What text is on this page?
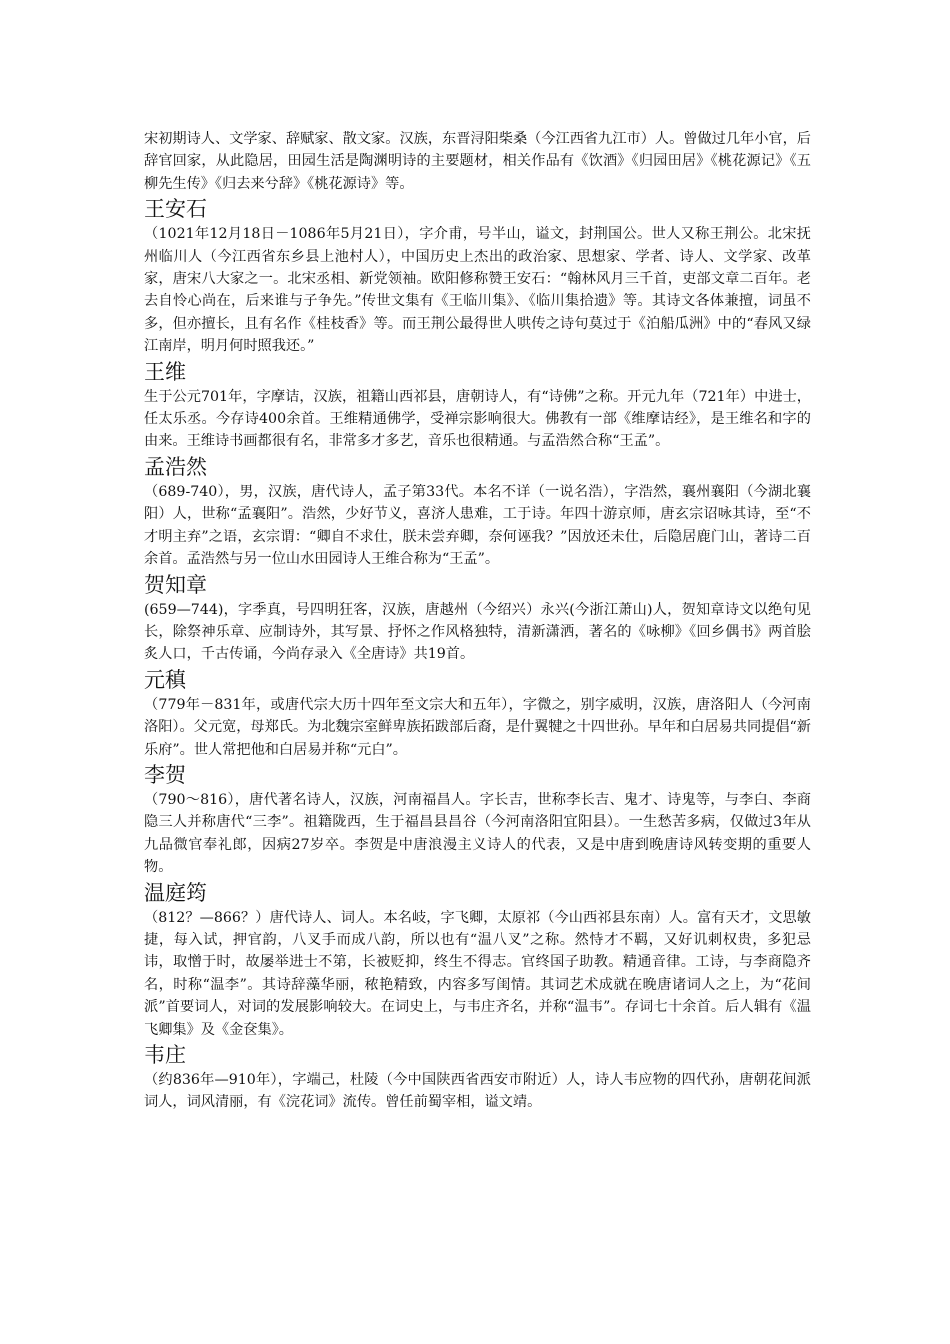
宋初期诗人、文学家、辞赋家、散文家。汉族，东晋浔阳柴桑（今江西省九江市）人。曾做过几年小官，后辞官回家，从此隐居，田园生活是陶渊明诗的主要题材，相关作品有《饮酒》《归园田居》《桃花源记》《五柳先生传》《归去来兮辞》《桃花源诗》等。

王安石

（1021年12月18日－1086年5月21日），字介甫，号半山，谥文，封荆国公。世人又称王荆公。北宋抚州临川人（今江西省东乡县上池村人），中国历史上杰出的政治家、思想家、学者、诗人、文学家、改革家，唐宋八大家之一。北宋丞相、新党领袖。欧阳修称赞王安石：“翰林风月三千首，吏部文章二百年。老去自怜心尚在，后来谁与子争先。”传世文集有《王临川集》、《临川集拾遗》等。其诗文各体兼擅，词虽不多，但亦擅长，且有名作《桂枝香》等。而王荆公最得世人哄传之诗句莫过于《泊船瓜洲》中的“春风又绿江南岸，明月何时照我还。”

王维

生于公元701年，字摩诘，汉族，祖籍山西祁县，唐朝诗人，有“诗佛”之称。开元九年（721年）中进士，任太乐丞。今存诗400余首。王维精通佛学，受禅宗影响很大。佛教有一部《维摩诘经》，是王维名和字的由来。王维诗书画都很有名，非常多才多艺，音乐也很精通。与孟浩然合称“王孟”。

孟浩然

（689-740），男，汉族，唐代诗人，孟子第33代。本名不详（一说名浩），字浩然，襄州襄阳（今湖北襄阳）人，世称“孟襄阳”。浩然，少好节义，喜济人患难，工于诗。年四十游京师，唐玄宗诏咏其诗，至“不才明主弃”之语，玄宗谓：“卿自不求仕，朕未尝弃卿，奈何诬我？”因放还未仕，后隐居鹿门山，著诗二百余首。孟浩然与另一位山水田园诗人王维合称为“王孟”。

贺知章

(659—744)，字季真，号四明狂客，汉族，唐越州（今绍兴）永兴(今浙江萧山)人，贺知章诗文以绝句见长，除祭神乐章、应制诗外，其写景、抒怀之作风格独特，清新潇洒，著名的《咏柳》《回乡偶书》两首脍炙人口，千古传诵，今尚存录入《全唐诗》共19首。

元稹

（779年－831年，或唐代宗大历十四年至文宗大和五年），字微之，别字威明，汉族，唐洛阳人（今河南洛阳）。父元宽，母郑氏。为北魏宗室鲜卑族拓跋部后裔，是什翼犍之十四世孙。早年和白居易共同提倡“新乐府”。世人常把他和白居易并称“元白”。

李贺

（790～816），唐代著名诗人，汉族，河南福昌人。字长吉，世称李长吉、鬼才、诗鬼等，与李白、李商隐三人并称唐代“三李”。祖籍陇西，生于福昌县昌谷（今河南洛阳宜阳县）。一生愁苦多病，仅做过3年从九品微官奉礼郎，因病27岁卒。李贺是中唐浪漫主义诗人的代表，又是中唐到晚唐诗风转变期的重要人物。

温庭筠

（812？—866？）唐代诗人、词人。本名岐，字飞卿，太原祁（今山西祁县东南）人。富有天才，文思敏捷，每入试，押官韵，八叉手而成八韵，所以也有“温八叉”之称。然恃才不羁，又好讥刺权贵，多犯忌讳，取憎于时，故屡举进士不第，长被贬抑，终生不得志。官终国子助教。精通音律。工诗，与李商隐齐名，时称“温李”。其诗辞藻华丽，秾艳精致，内容多写闺情。其词艺术成就在晚唐诸词人之上，为“花间派”首要词人，对词的发展影响较大。在词史上，与韦庄齐名，并称“温韦”。存词七十余首。后人辑有《温飞卿集》及《金奁集》。

韦庄

（约836年—910年），字端己，杜陵（今中国陕西省西安市附近）人，诗人韦应物的四代孙，唐朝花间派词人，词风清丽，有《浣花词》流传。曾任前蜀宰相，谥文靖。
